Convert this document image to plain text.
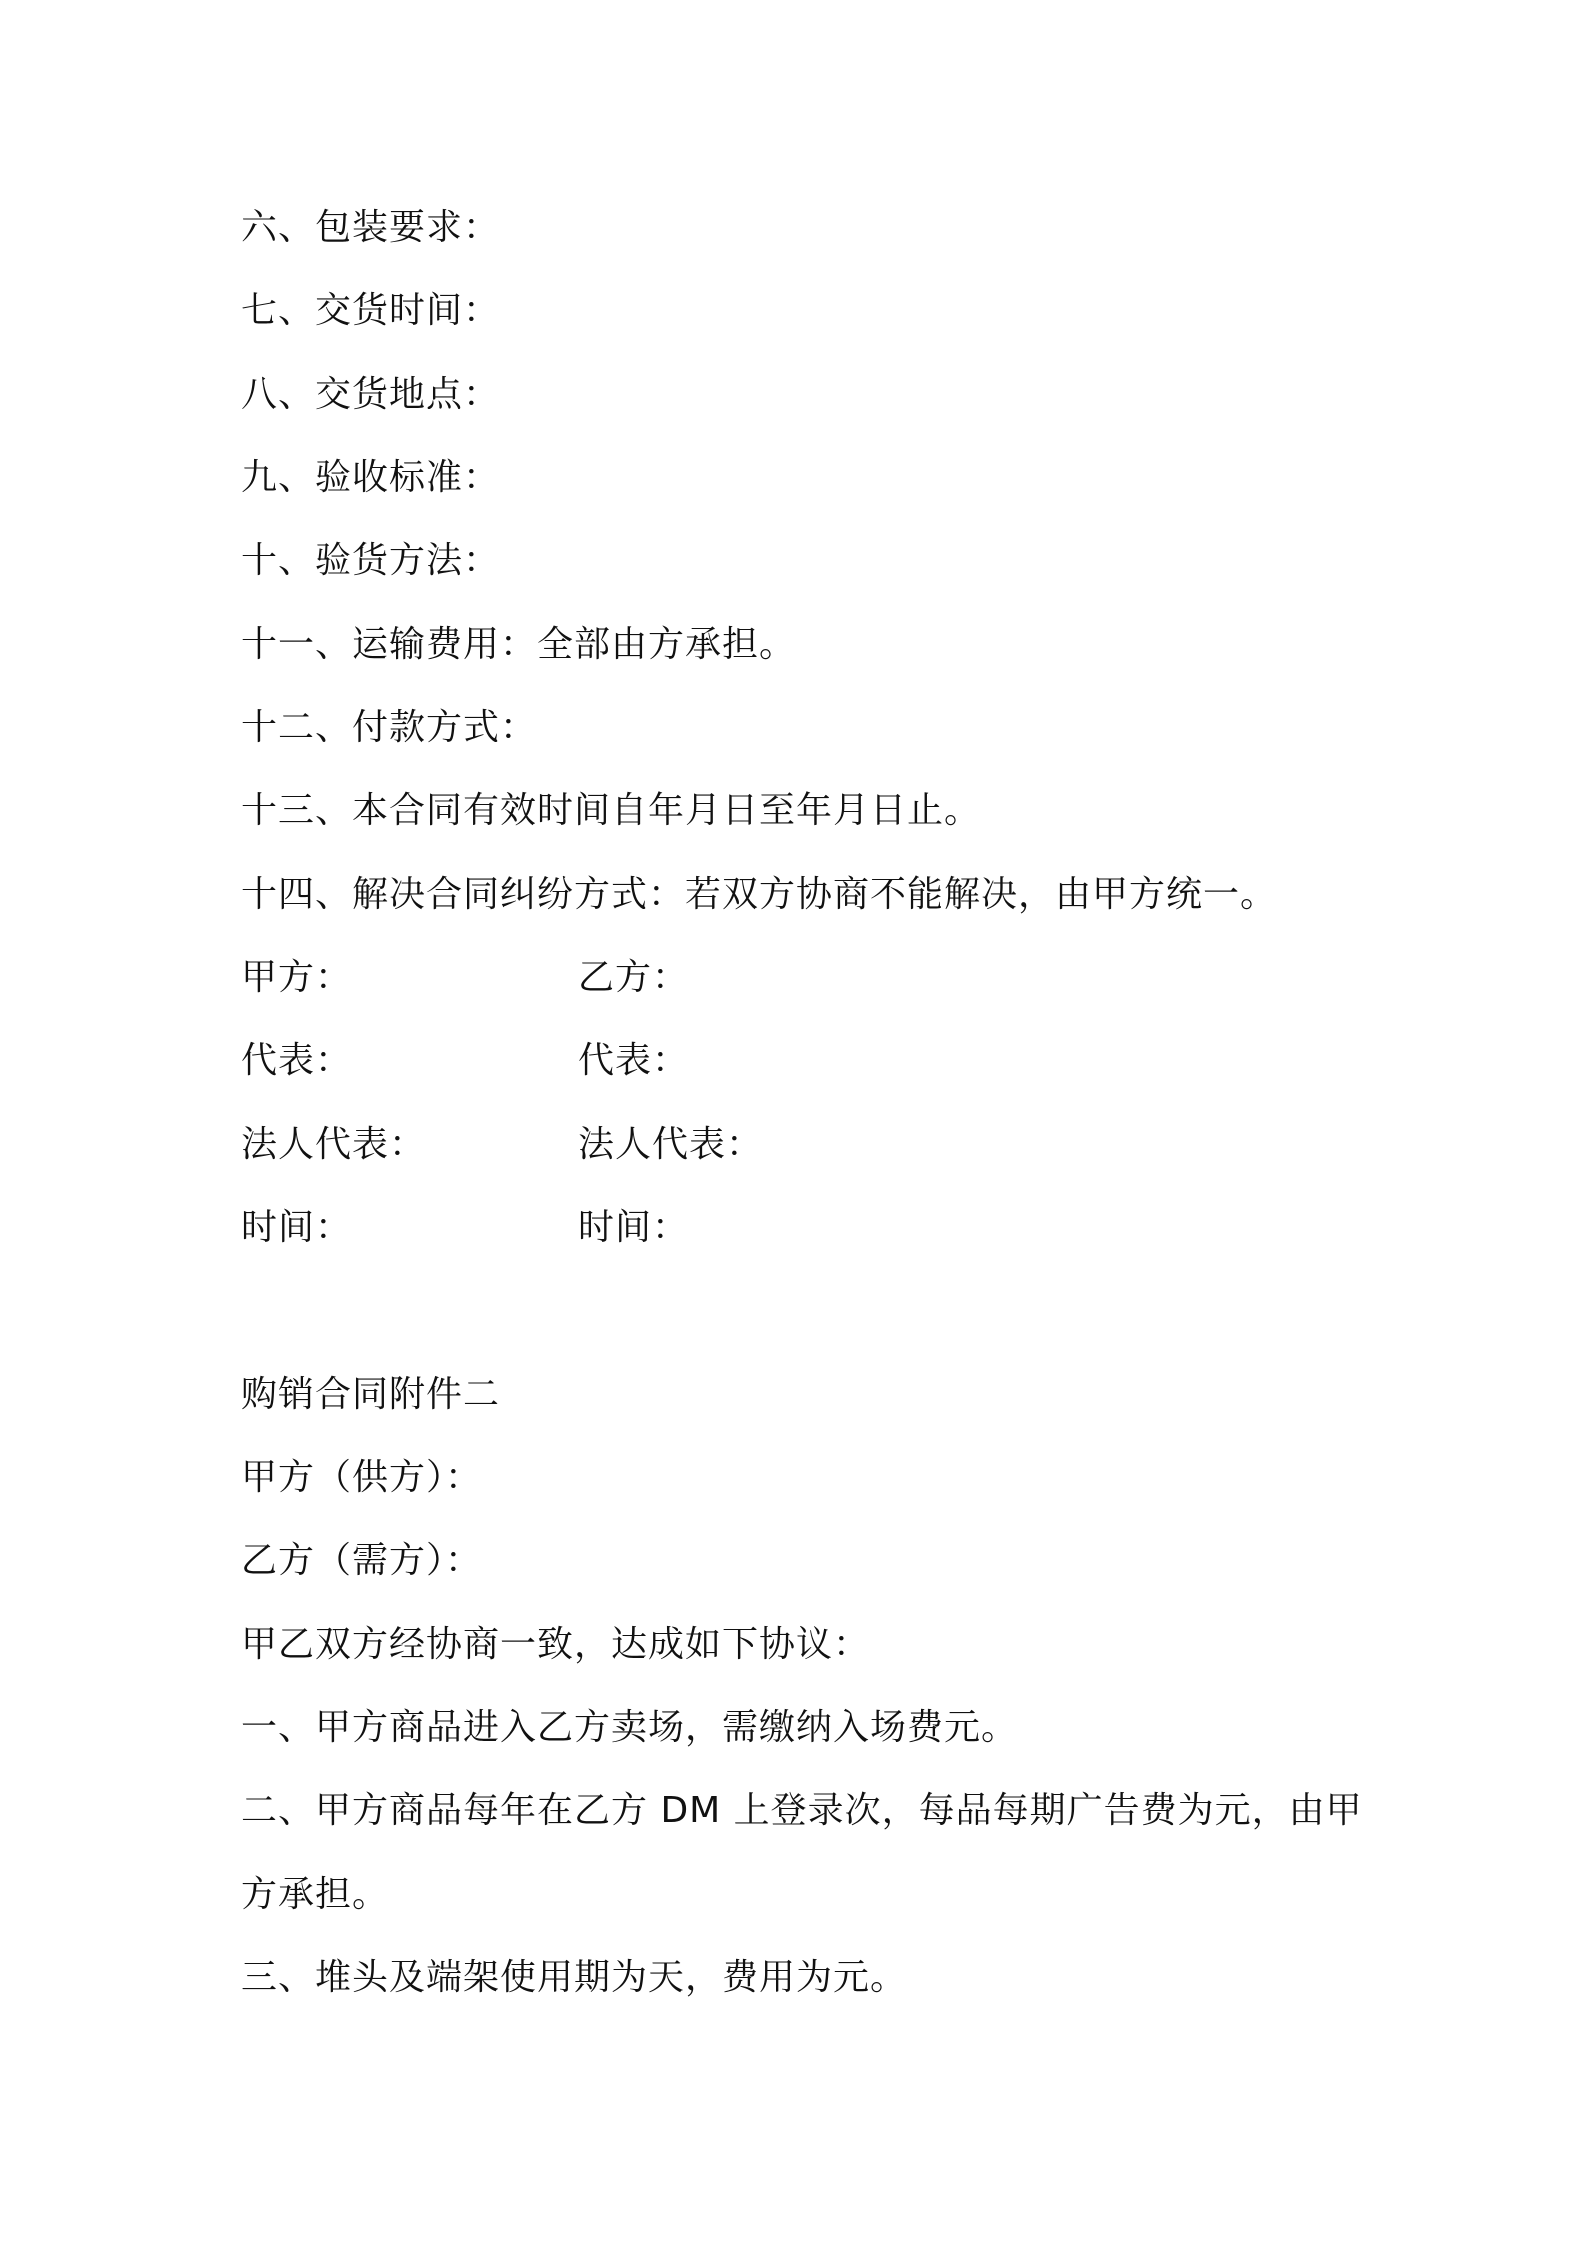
六、包装要求：
七、交货时间：
八、交货地点：
九、验收标准：
十、验货方法：
十一、运输费用：全部由方承担。
十二、付款方式：
十三、本合同有效时间自年月日至年月日止。
十四、解决合同纠纷方式：若双方协商不能解决，由甲方统一。
甲方：	乙方：
代表：	代表：
法人代表：	法人代表：
时间：	时间：
购销合同附件二
甲方（供方）：
乙方（需方）：
甲乙双方经协商一致，达成如下协议：
一、甲方商品进入乙方卖场，需缴纳入场费元。
二、甲方商品每年在乙方 DM 上登录次，每品每期广告费为元，由甲
方承担。
三、堆头及端架使用期为天，费用为元。
